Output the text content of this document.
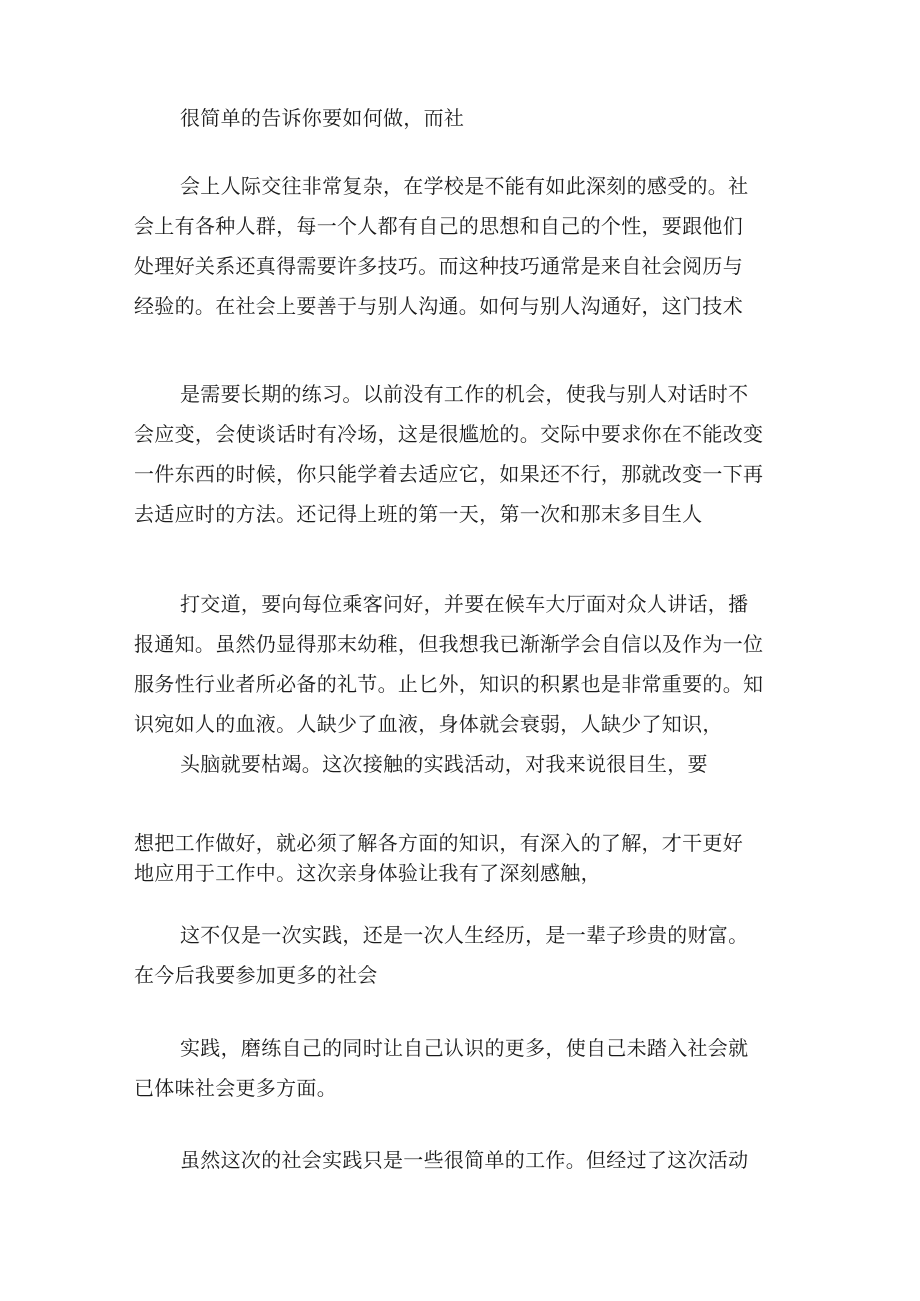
很简单的告诉你要如何做，而社

会上人际交往非常复杂，在学校是不能有如此深刻的感受的。社
会上有各种人群，每一个人都有自己的思想和自己的个性，要跟他们
处理好关系还真得需要许多技巧。而这种技巧通常是来自社会阅历与
经验的。在社会上要善于与别人沟通。如何与别人沟通好，这门技术

是需要长期的练习。以前没有工作的机会，使我与别人对话时不
会应变，会使谈话时有冷场，这是很尴尬的。交际中要求你在不能改变
一件东西的时候，你只能学着去适应它，如果还不行，那就改变一下再
去适应时的方法。还记得上班的第一天，第一次和那末多目生人

打交道，要向每位乘客问好，并要在候车大厅面对众人讲话，播
报通知。虽然仍显得那末幼稚，但我想我已渐渐学会自信以及作为一位
服务性行业者所必备的礼节。止匕外，知识的积累也是非常重要的。知
识宛如人的血液。人缺少了血液，身体就会衰弱，人缺少了知识，

头脑就要枯竭。这次接触的实践活动，对我来说很目生，要

想把工作做好，就必须了解各方面的知识，有深入的了解，才干更好
地应用于工作中。这次亲身体验让我有了深刻感触，

这不仅是一次实践，还是一次人生经历，是一辈子珍贵的财富。
在今后我要参加更多的社会

实践，磨练自己的同时让自己认识的更多，使自己未踏入社会就
已体味社会更多方面。

虽然这次的社会实践只是一些很简单的工作。但经过了这次活动
